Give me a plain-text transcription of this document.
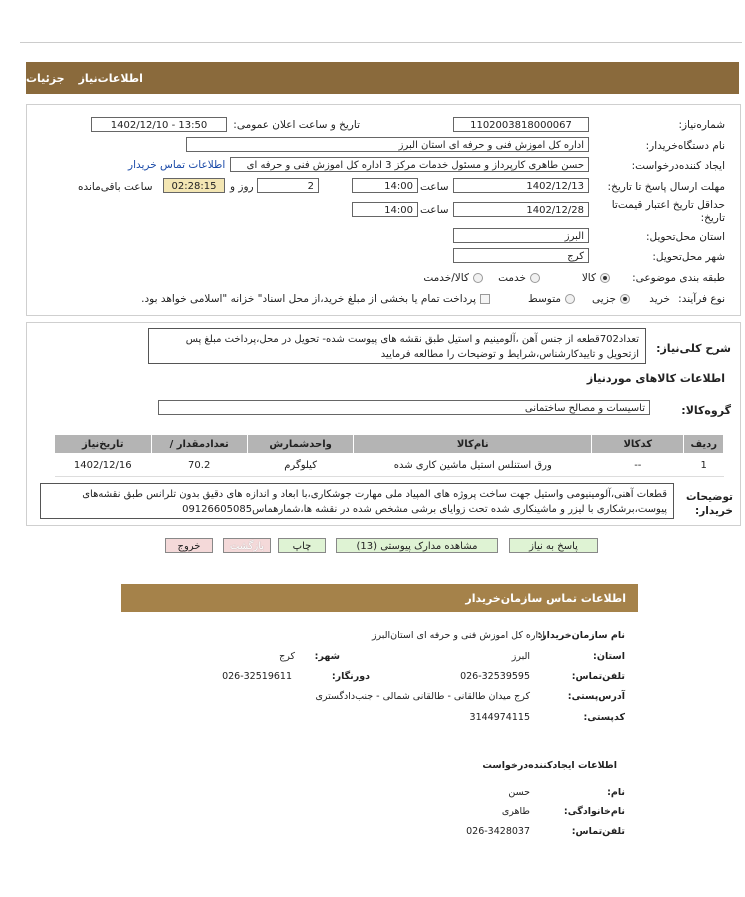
اطلاعات‌نیاز
جزئیات
شماره‌نیاز:
1102003818000067
تاریخ و ساعت اعلان عمومی:
1402/12/10 - 13:50
نام دستگاه‌خریدار:
اداره کل اموزش فنی و حرفه ای استان البرز
ایجاد کننده‌درخواست:
حسن طاهری کارپرداز و مسئول خدمات مرکز 3 اداره کل اموزش فنی و حرفه ای
اطلاعات تماس خریدار
مهلت ارسال پاسخ تا تاریخ:
1402/12/13
ساعت
14:00
2
روز و
02:28:15
ساعت باقی‌مانده
حداقل تاریخ اعتبار قیمت‌تا تاریخ:
1402/12/28
ساعت
14:00
استان محل‌تحویل:
البرز
شهر محل‌تحویل:
کرج
طبقه بندی موضوعی:
کالا
خدمت
کالا/خدمت
نوع فرآیند:
خرید
جزیی
متوسط
پرداخت تمام یا بخشی از مبلغ خرید،از محل اسناد" خزانه "اسلامی خواهد بود.
شرح کلی‌نیاز:
تعداد702قطعه از جنس آهن ،آلومینیم و استیل طبق نقشه های پیوست شده- تحویل در محل،پرداخت مبلغ پس ازتحویل و تاییدکارشناس،شرایط و توضیحات را مطالعه فرمایید
اطلاعات کالاهای موردنیاز
گروه‌کالا:
تاسیسات و مصالح ساختمانی
ردیف	کدکالا	نام‌کالا	واحدشمارش	تعدادمقدار /	تاریخ‌نیاز
1	--	ورق استنلس استیل ماشین کاری شده	کیلوگرم	70.2	1402/12/16
توضیحات خریدار:
قطعات آهنی،آلومینیومی واستیل جهت ساخت پروژه های المپیاد ملی مهارت جوشکاری،با ابعاد و اندازه های دقیق بدون تلرانس طبق نقشه‌های پیوست،برشکاری با لیزر و ماشینکاری شده تحت زوایای برشی مشخص شده در نقشه ها،شمارهماس09126605085
پاسخ به نیاز
مشاهده مدارک پیوستی (13)
چاپ
بازگشت
خروج
اطلاعات تماس سازمان‌خریدار
نام سازمان‌خریدار:
اداره کل اموزش فنی و حرفه ای استان‌البرز
استان:
البرز
شهر:
کرج
تلفن‌تماس:
026-32539595
دورنگار:
026-32519611
آدرس‌پستی:
کرج میدان طالقانی - طالقانی شمالی - جنب‌دادگستری
کدپستی:
3144974115
اطلاعات ایجادکننده‌درخواست
نام:
حسن
نام‌خانوادگی:
طاهری
تلفن‌تماس:
026-3428037
